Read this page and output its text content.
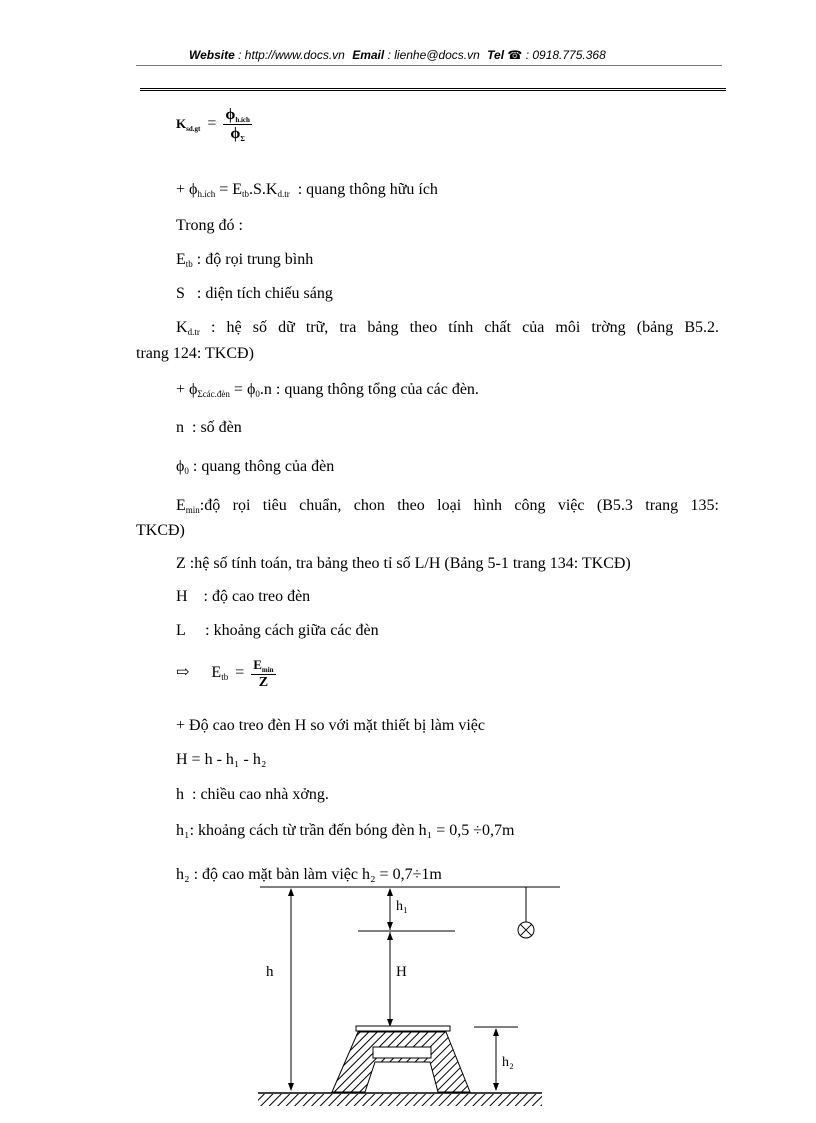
Website : http://www.docs.vn Email : lienhe@docs.vn Tel ☎ : 0918.775.368
$Ksd.gt = \frac{\text{ϕh.ích}}{\phi\Sigma}$
+ ϕh.ích = Etb.S.Kd.tr : quang thông hữu ích
Trong đó :
Etb : độ rọi trung bình
S   : diện tích chiếu sáng
Kd.tr : hệ số dữ trữ, tra bảng theo tính chất của môi trờng (bảng B5.2.
trang 124: TKCĐ)
+ ϕΣcác.đèn = ϕ0.n : quang thông tổng của các đèn.
n  : số đèn
ϕ0 : quang thông của đèn
Emin:độ rọi tiêu chuẩn, chon theo loại hình công việc (B5.3 trang 135:
TKCĐ)
Z :hệ số tính toán, tra bảng theo tỉ số L/H (Bảng 5-1 trang 134: TKCĐ)
H    : độ cao treo đèn
L     : khoảng cách giữa các đèn
⇨ Etb = $\frac{Emin}{Z}$
+ Độ cao treo đèn H so với mặt thiết bị làm việc
H = h - h₁ - h₂
h  : chiều cao nhà xởng.
h₁: khoảng cách từ trần đến bóng đèn h₁ = 0,5 ÷0,7m
h₂ : độ cao mặt bàn làm việc h₂ = 0,7÷1m
h
h₁
H
h₂
